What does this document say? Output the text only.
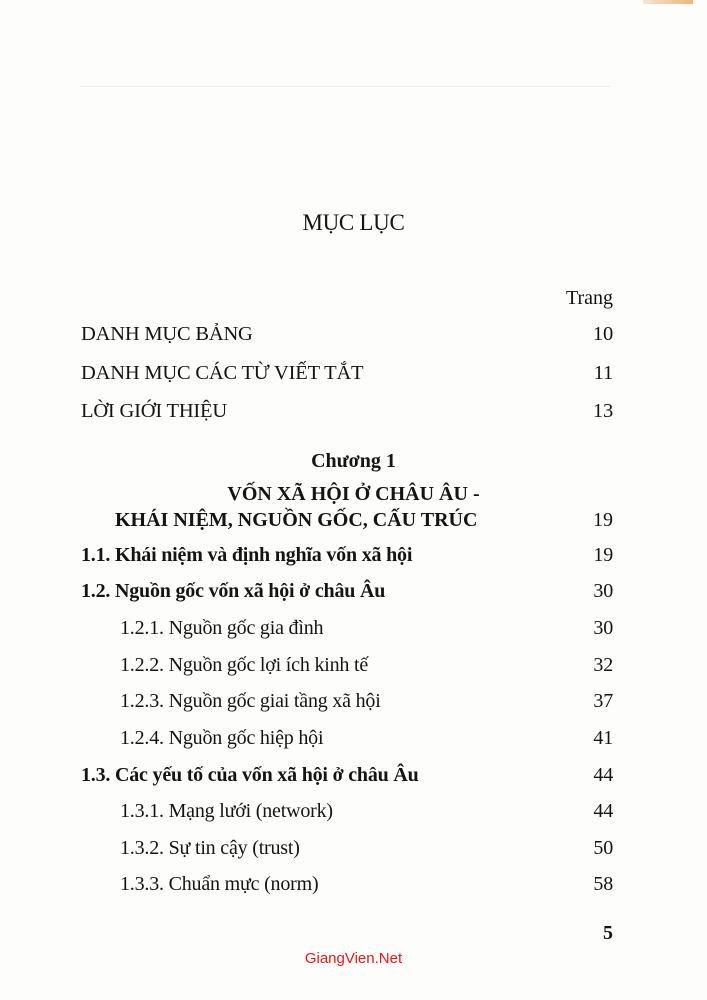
MỤC LỤC
Trang
DANH MỤC BẢNG	10
DANH MỤC CÁC TỪ VIẾT TẮT	11
LỜI GIỚI THIỆU	13
Chương 1
VỐN XÃ HỘI Ở CHÂU ÂU -
KHÁI NIỆM, NGUỒN GỐC, CẤU TRÚC	19
1.1. Khái niệm và định nghĩa vốn xã hội	19
1.2. Nguồn gốc vốn xã hội ở châu Âu	30
1.2.1. Nguồn gốc gia đình	30
1.2.2. Nguồn gốc lợi ích kinh tế	32
1.2.3. Nguồn gốc giai tầng xã hội	37
1.2.4. Nguồn gốc hiệp hội	41
1.3. Các yếu tố của vốn xã hội ở châu Âu	44
1.3.1. Mạng lưới (network)	44
1.3.2. Sự tin cậy (trust)	50
1.3.3. Chuẩn mực (norm)	58
5
GiangVien.Net
